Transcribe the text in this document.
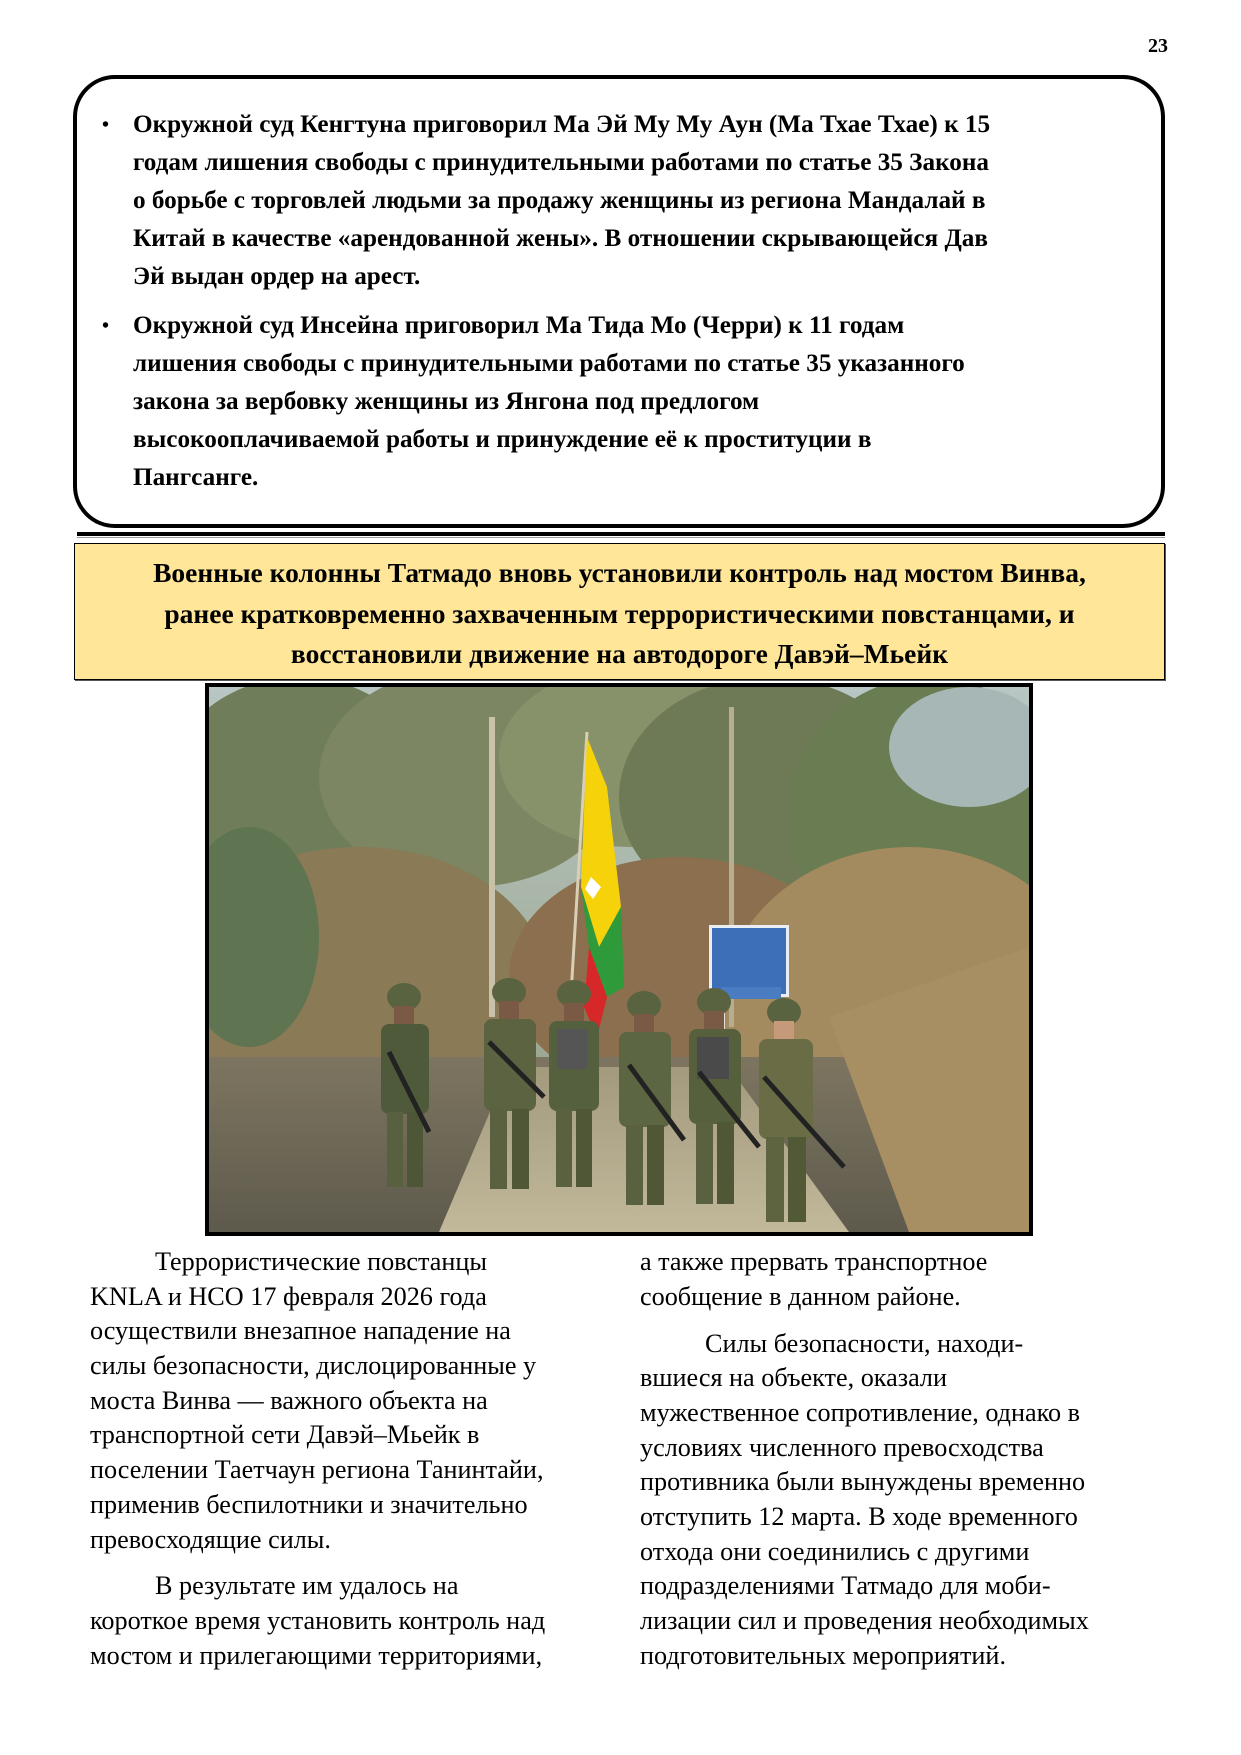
23
• Окружной суд Кенгтуна приговорил Ма Эй Му Му Аун (Ма Тхае Тхае) к 15
годам лишения свободы с принудительными работами по статье 35 Закона
о борьбе с торговлей людьми за продажу женщины из региона Мандалай в
Китай в качестве «арендованной жены». В отношении скрывающейся Дав
Эй выдан ордер на арест.
• Окружной суд Инсейна приговорил Ма Тида Мо (Черри) к 11 годам
лишения свободы с принудительными работами по статье 35 указанного
закона за вербовку женщины из Янгона под предлогом
высокооплачиваемой работы и принуждение её к проституции в
Пангсанге.
Военные колонны Татмадо вновь установили контроль над мостом Винва,
ранее кратковременно захваченным террористическими повстанцами, и
восстановили движение на автодороге Давэй–Мьейк
Террористические повстанцы
KNLA и НСО 17 февраля 2026 года
осуществили внезапное нападение на
силы безопасности, дислоцированные у
моста Винва — важного объекта на
транспортной сети Давэй–Мьейк в
поселении Таетчаун региона Танинтайи,
применив беспилотники и значительно
превосходящие силы.
В результате им удалось на
короткое время установить контроль над
мостом и прилегающими территориями,
а также прервать транспортное
сообщение в данном районе.
Силы безопасности, находи-
вшиеся на объекте, оказали
мужественное сопротивление, однако в
условиях численного превосходства
противника были вынуждены временно
отступить 12 марта. В ходе временного
отхода они соединились с другими
подразделениями Татмадо для моби-
лизации сил и проведения необходимых
подготовительных мероприятий.
